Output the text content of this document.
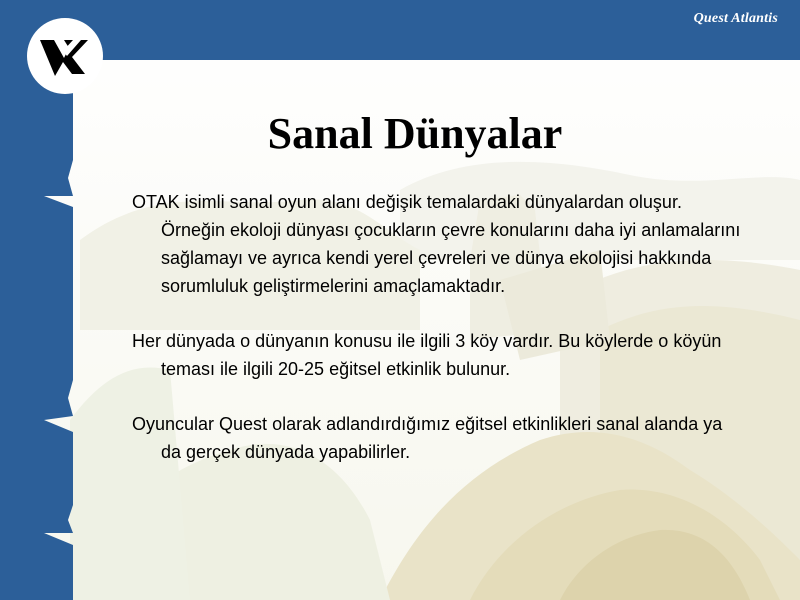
Quest Atlantis
Sanal Dünyalar

OTAK isimli sanal oyun alanı değişik temalardaki dünyalardan oluşur. Örneğin ekoloji dünyası çocukların çevre konularını daha iyi anlamalarını sağlamayı ve ayrıca kendi yerel çevreleri ve dünya ekolojisi hakkında sorumluluk geliştirmelerini amaçlamaktadır.

Her dünyada o dünyanın konusu ile ilgili 3 köy vardır. Bu köylerde o köyün teması ile ilgili 20-25 eğitsel etkinlik bulunur.

Oyuncular Quest olarak adlandırdığımız eğitsel etkinlikleri sanal alanda ya da gerçek dünyada yapabilirler.
